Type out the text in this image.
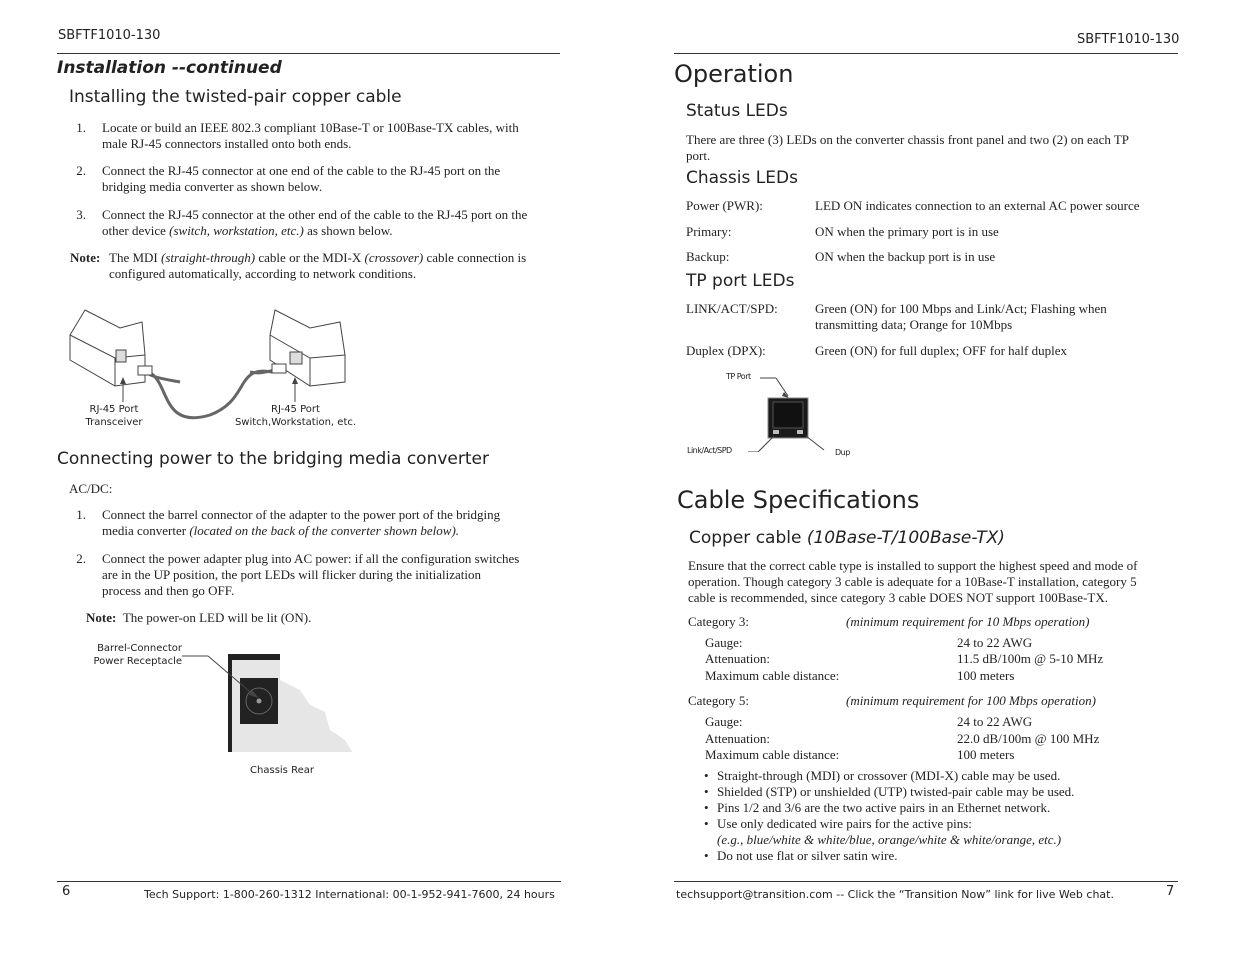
SBFTF1010-130
Installation --continued
Installing the twisted-pair copper cable
1. Locate or build an IEEE 802.3 compliant 10Base-T or 100Base-TX cables, with
male RJ-45 connectors installed onto both ends.
2. Connect the RJ-45 connector at one end of the cable to the RJ-45 port on the
bridging media converter as shown below.
3. Connect the RJ-45 connector at the other end of the cable to the RJ-45 port on the
other device (switch, workstation, etc.) as shown below.
Note: The MDI (straight-through) cable or the MDI-X (crossover) cable connection is
configured automatically, according to network conditions.
RJ-45 Port
Transceiver
RJ-45 Port
Switch,Workstation, etc.
Connecting power to the bridging media converter
AC/DC:
1. Connect the barrel connector of the adapter to the power port of the bridging
media converter (located on the back of the converter shown below).
2. Connect the power adapter plug into AC power: if all the configuration switches
are in the UP position, the port LEDs will flicker during the initialization
process and then go OFF.
Note: The power-on LED will be lit (ON).
Barrel-Connector
Power Receptacle
Chassis Rear
6	Tech Support: 1-800-260-1312 International: 00-1-952-941-7600, 24 hours
SBFTF1010-130
Operation
Status LEDs
There are three (3) LEDs on the converter chassis front panel and two (2) on each TP
port.
Chassis LEDs
Power (PWR):	LED ON indicates connection to an external AC power source
Primary:	ON when the primary port is in use
Backup:	ON when the backup port is in use
TP port LEDs
LINK/ACT/SPD:	Green (ON) for 100 Mbps and Link/Act; Flashing when
transmitting data; Orange for 10Mbps
Duplex (DPX):	Green (ON) for full duplex; OFF for half duplex
TP Port
Link/Act/SPD	Dup
Cable Specifications
Copper cable (10Base-T/100Base-TX)
Ensure that the correct cable type is installed to support the highest speed and mode of
operation. Though category 3 cable is adequate for a 10Base-T installation, category 5
cable is recommended, since category 3 cable DOES NOT support 100Base-TX.
Category 3:	(minimum requirement for 10 Mbps operation)
Gauge:	24 to 22 AWG
Attenuation:	11.5 dB/100m @ 5-10 MHz
Maximum cable distance:	100 meters
Category 5:	(minimum requirement for 100 Mbps operation)
Gauge:	24 to 22 AWG
Attenuation:	22.0 dB/100m @ 100 MHz
Maximum cable distance:	100 meters
• Straight-through (MDI) or crossover (MDI-X) cable may be used.
• Shielded (STP) or unshielded (UTP) twisted-pair cable may be used.
• Pins 1/2 and 3/6 are the two active pairs in an Ethernet network.
• Use only dedicated wire pairs for the active pins:
(e.g., blue/white & white/blue, orange/white & white/orange, etc.)
• Do not use flat or silver satin wire.
techsupport@transition.com -- Click the “Transition Now” link for live Web chat.	7
